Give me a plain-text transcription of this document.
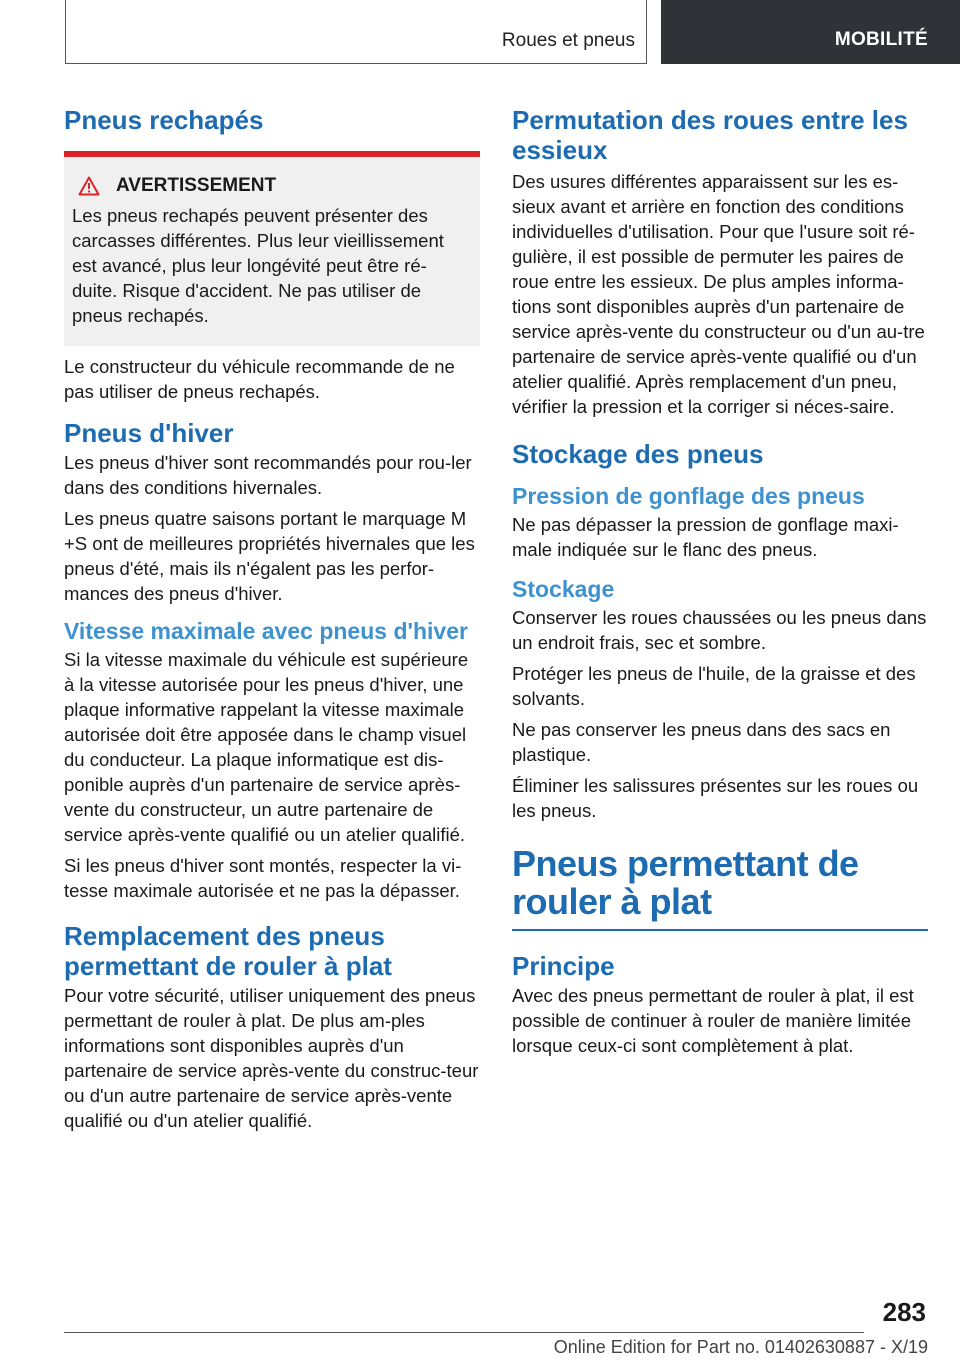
Roues et pneus	MOBILITÉ
Pneus rechapés
AVERTISSEMENT

Les pneus rechapés peuvent présenter des carcasses différentes. Plus leur vieillissement est avancé, plus leur longévité peut être ré-duite. Risque d'accident. Ne pas utiliser de pneus rechapés.

Le constructeur du véhicule recommande de ne pas utiliser de pneus rechapés.

Pneus d'hiver

Les pneus d'hiver sont recommandés pour rou-ler dans des conditions hivernales.

Les pneus quatre saisons portant le marquage M +S ont de meilleures propriétés hivernales que les pneus d'été, mais ils n'égalent pas les perfor-mances des pneus d'hiver.

Vitesse maximale avec pneus d'hiver

Si la vitesse maximale du véhicule est supérieure à la vitesse autorisée pour les pneus d'hiver, une plaque informative rappelant la vitesse maximale autorisée doit être apposée dans le champ visuel du conducteur. La plaque informatique est dis-ponible auprès d'un partenaire de service après-vente du constructeur, un autre partenaire de service après-vente qualifié ou un atelier qualifié.

Si les pneus d'hiver sont montés, respecter la vi-tesse maximale autorisée et ne pas la dépasser.

Remplacement des pneus permettant de rouler à plat

Pour votre sécurité, utiliser uniquement des pneus permettant de rouler à plat. De plus am-ples informations sont disponibles auprès d'un partenaire de service après-vente du construc-teur ou d'un autre partenaire de service après-vente qualifié ou d'un atelier qualifié.

Permutation des roues entre les essieux

Des usures différentes apparaissent sur les es-sieux avant et arrière en fonction des conditions individuelles d'utilisation. Pour que l'usure soit ré-gulière, il est possible de permuter les paires de roue entre les essieux. De plus amples informa-tions sont disponibles auprès d'un partenaire de service après-vente du constructeur ou d'un au-tre partenaire de service après-vente qualifié ou d'un atelier qualifié. Après remplacement d'un pneu, vérifier la pression et la corriger si néces-saire.

Stockage des pneus
Pression de gonflage des pneus

Ne pas dépasser la pression de gonflage maxi-male indiquée sur le flanc des pneus.

Stockage

Conserver les roues chaussées ou les pneus dans un endroit frais, sec et sombre.

Protéger les pneus de l'huile, de la graisse et des solvants.

Ne pas conserver les pneus dans des sacs en plastique.

Éliminer les salissures présentes sur les roues ou les pneus.

Pneus permettant de rouler à plat
Principe

Avec des pneus permettant de rouler à plat, il est possible de continuer à rouler de manière limitée lorsque ceux-ci sont complètement à plat.

283
Online Edition for Part no. 01402630887 - X/19
